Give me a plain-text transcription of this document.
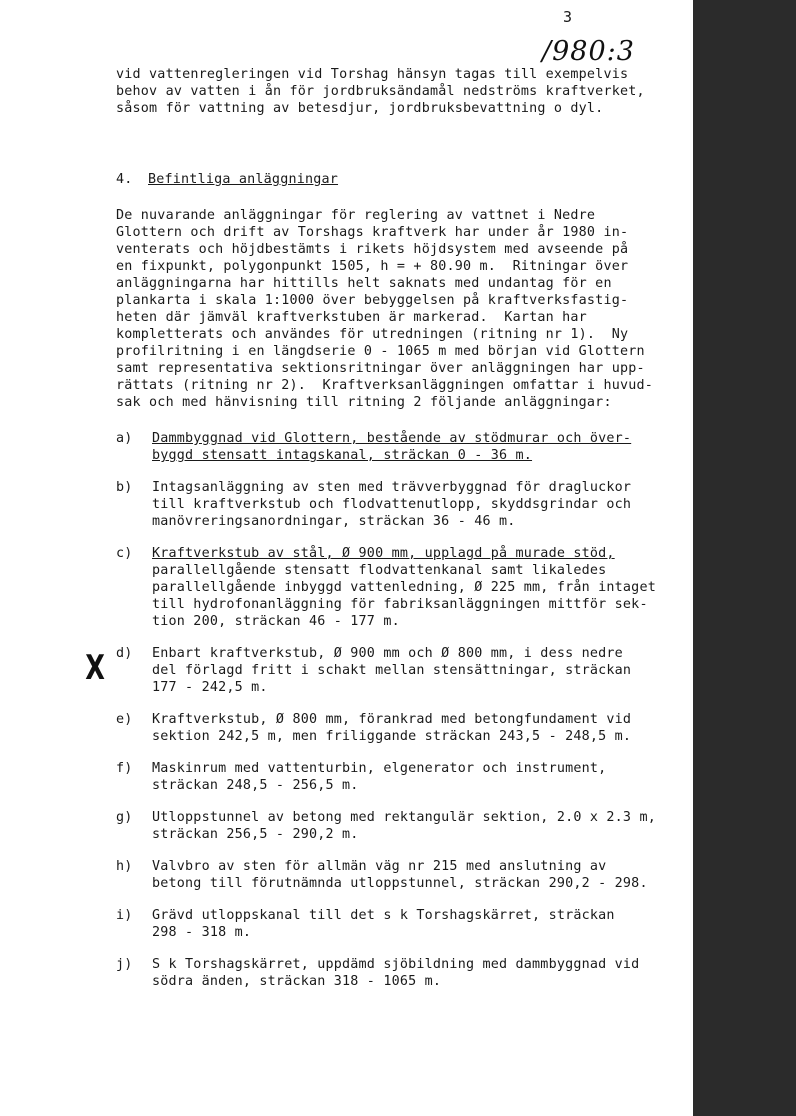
3
/980:3
X
vid vattenregleringen vid Torshag hänsyn tagas till exempelvis
behov av vatten i ån för jordbruksändamål nedströms kraftverket,
såsom för vattning av betesdjur, jordbruksbevattning o dyl.
4.	Befintliga anläggningar
De nuvarande anläggningar för reglering av vattnet i Nedre
Glottern och drift av Torshags kraftverk har under år 1980 in-
venterats och höjdbestämts i rikets höjdsystem med avseende på
en fixpunkt, polygonpunkt 1505, h = + 80.90 m.  Ritningar över
anläggningarna har hittills helt saknats med undantag för en
plankarta i skala 1:1000 över bebyggelsen på kraftverksfastig-
heten där jämväl kraftverkstuben är markerad.  Kartan har
kompletterats och användes för utredningen (ritning nr 1).  Ny
profilritning i en längdserie 0 - 1065 m med början vid Glottern
samt representativa sektionsritningar över anläggningen har upp-
rättats (ritning nr 2).  Kraftverksanläggningen omfattar i huvud-
sak och med hänvisning till ritning 2 följande anläggningar:
a)	Dammbyggnad vid Glottern, bestående av stödmurar och över-
byggd stensatt intagskanal, sträckan 0 - 36 m.
b)	Intagsanläggning av sten med trävverbyggnad för dragluckor
till kraftverkstub och flodvattenutlopp, skyddsgrindar och
manövreringsanordningar, sträckan 36 - 46 m.
c)	Kraftverkstub av stål, Ø 900 mm, upplagd på murade stöd,
parallellgående stensatt flodvattenkanal samt likaledes
parallellgående inbyggd vattenledning, Ø 225 mm, från intaget
till hydrofonanläggning för fabriksanläggningen mittför sek-
tion 200, sträckan 46 - 177 m.
d)	Enbart kraftverkstub, Ø 900 mm och Ø 800 mm, i dess nedre
del förlagd fritt i schakt mellan stensättningar, sträckan
177 - 242,5 m.
e)	Kraftverkstub, Ø 800 mm, förankrad med betongfundament vid
sektion 242,5 m, men friliggande sträckan 243,5 - 248,5 m.
f)	Maskinrum med vattenturbin, elgenerator och instrument,
sträckan 248,5 - 256,5 m.
g)	Utloppstunnel av betong med rektangulär sektion, 2.0 x 2.3 m,
sträckan 256,5 - 290,2 m.
h)	Valvbro av sten för allmän väg nr 215 med anslutning av
betong till förutnämnda utloppstunnel, sträckan 290,2 - 298.
i)	Grävd utloppskanal till det s k Torshagskärret, sträckan
298 - 318 m.
j)	S k Torshagskärret, uppdämd sjöbildning med dammbyggnad vid
södra änden, sträckan 318 - 1065 m.
